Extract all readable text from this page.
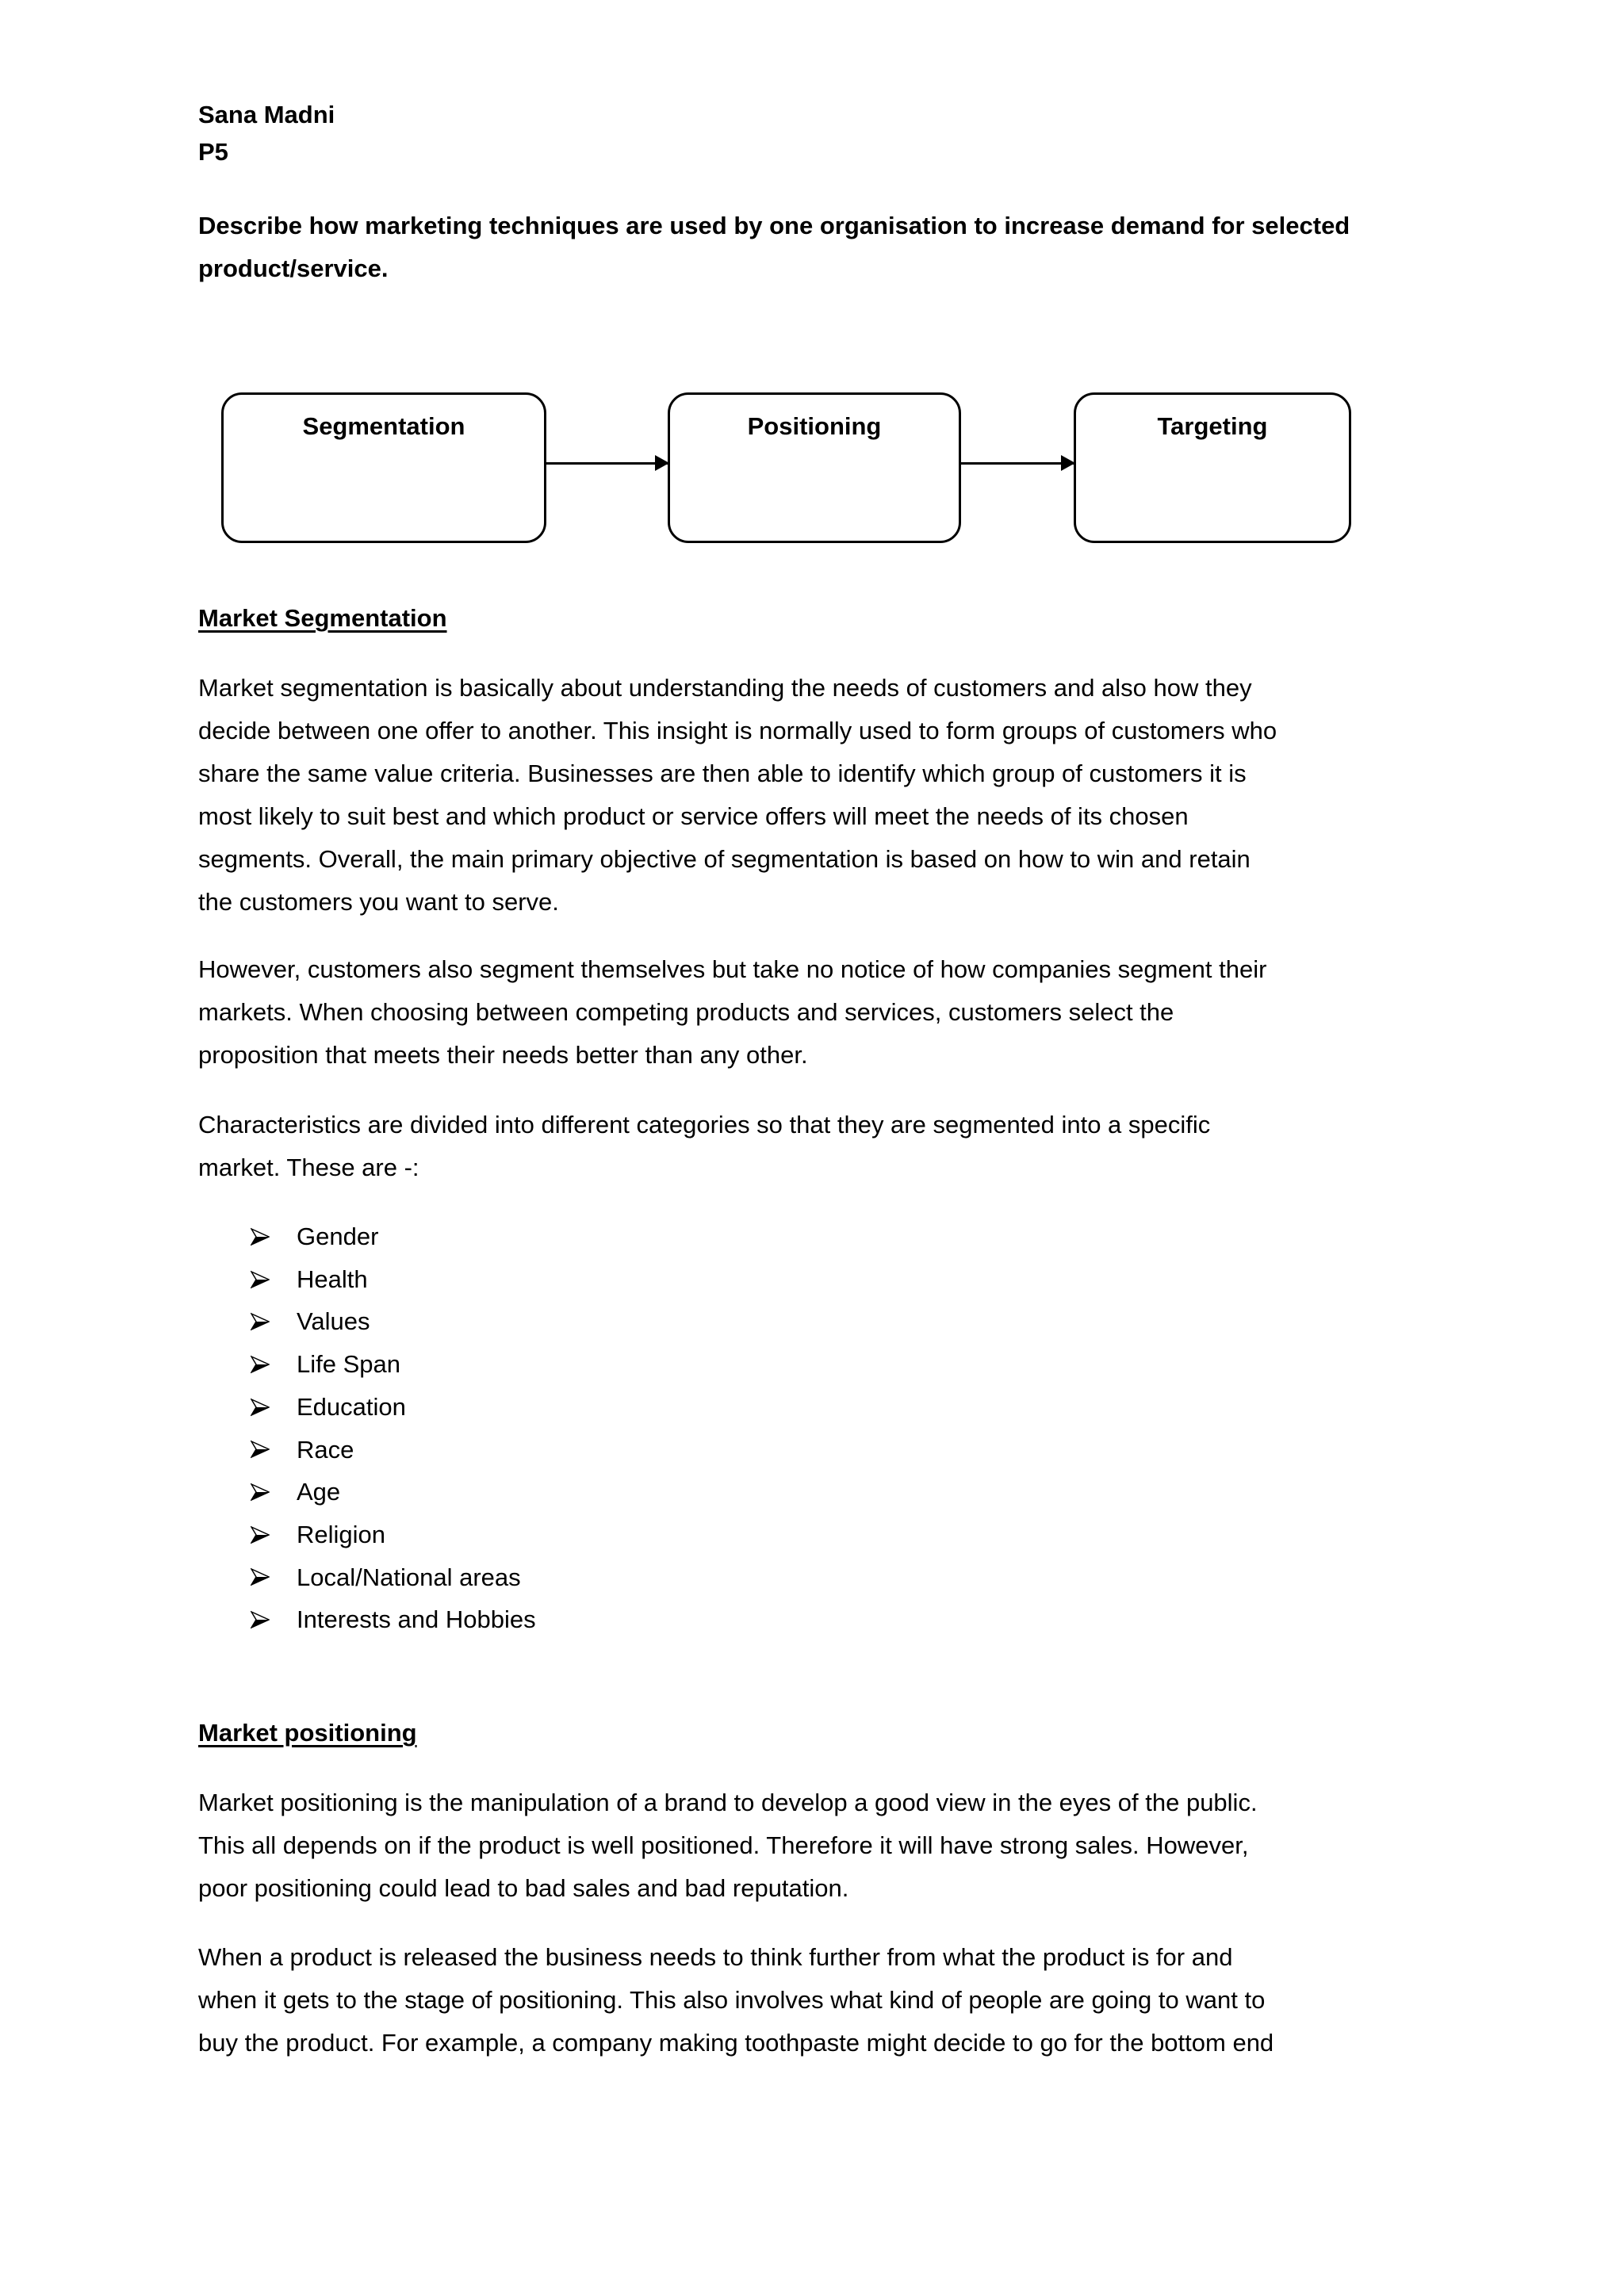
Sana Madni
P5
Describe how marketing techniques are used by one organisation to increase demand for selected
product/service.
Segmentation	Positioning	Targeting
Market Segmentation
Market segmentation is basically about understanding the needs of customers and also how they
decide between one offer to another. This insight is normally used to form groups of customers who
share the same value criteria. Businesses are then able to identify which group of customers it is
most likely to suit best and which product or service offers will meet the needs of its chosen
segments. Overall, the main primary objective of segmentation is based on how to win and retain
the customers you want to serve.
However, customers also segment themselves but take no notice of how companies segment their
markets. When choosing between competing products and services, customers select the
proposition that meets their needs better than any other.
Characteristics are divided into different categories so that they are segmented into a specific
market. These are -:
Gender
Health
Values
Life Span
Education
Race
Age
Religion
Local/National areas
Interests and Hobbies
Market positioning
Market positioning is the manipulation of a brand to develop a good view in the eyes of the public.
This all depends on if the product is well positioned. Therefore it will have strong sales. However,
poor positioning could lead to bad sales and bad reputation.
When a product is released the business needs to think further from what the product is for and
when it gets to the stage of positioning. This also involves what kind of people are going to want to
buy the product. For example, a company making toothpaste might decide to go for the bottom end
